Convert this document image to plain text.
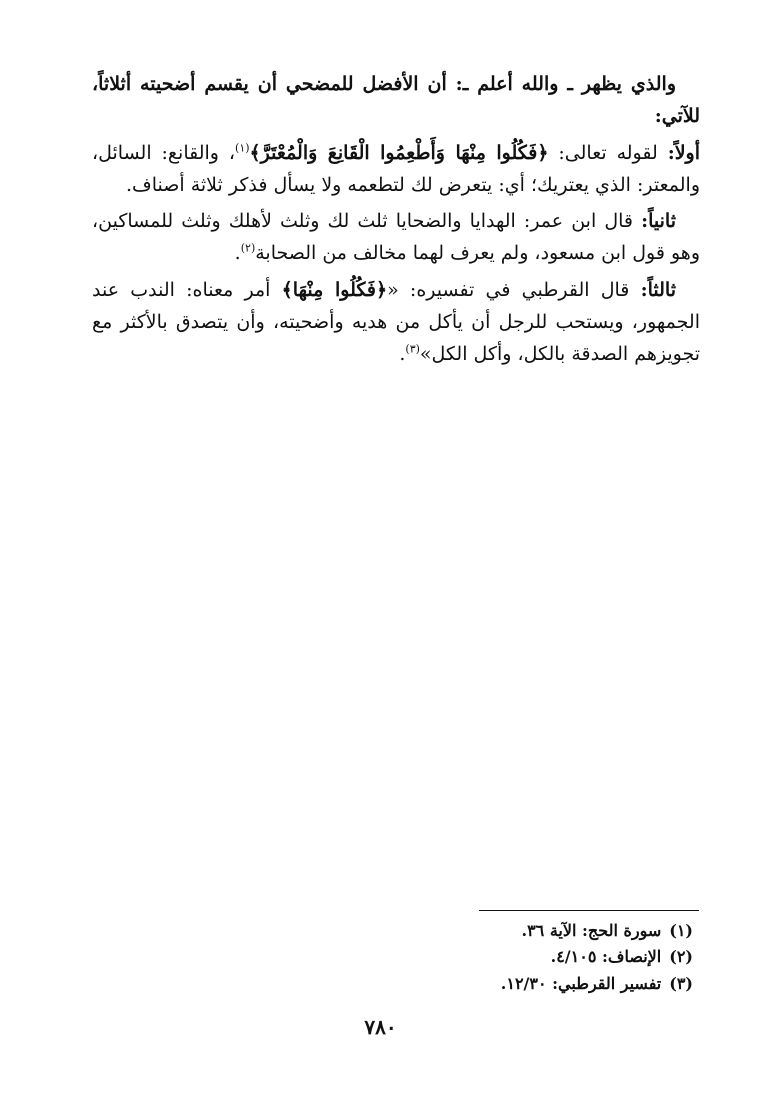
والذي يظهر ـ والله أعلم ـ: أن الأفضل للمضحي أن يقسم أضحيته أثلاثاً، للآتي:

أولاً: لقوله تعالى: ﴿فَكُلُوا مِنْهَا وَأَطْعِمُوا الْقَانِعَ وَالْمُعْتَرَّ﴾$^{(١)}$، والقانع: السائل، والمعتر: الذي يعتريك؛ أي: يتعرض لك لتطعمه ولا يسأل فذكر ثلاثة أصناف.

ثانياً: قال ابن عمر: الهدايا والضحايا ثلث لك وثلث لأهلك وثلث للمساكين، وهو قول ابن مسعود، ولم يعرف لهما مخالف من الصحابة$^{(٢)}$.

ثالثاً: قال القرطبي في تفسيره: «﴿فَكُلُوا مِنْهَا﴾ أمر معناه: الندب عند الجمهور، ويستحب للرجل أن يأكل من هديه وأضحيته، وأن يتصدق بالأكثر مع تجويزهم الصدقة بالكل، وأكل الكل»$^{(٣)}$.

(١)سورة الحج: الآية ٣٦.
(٢)الإنصاف: ٤/١٠٥.
(٣)تفسير القرطبي: ١٢/٣٠.
٧٨٠
